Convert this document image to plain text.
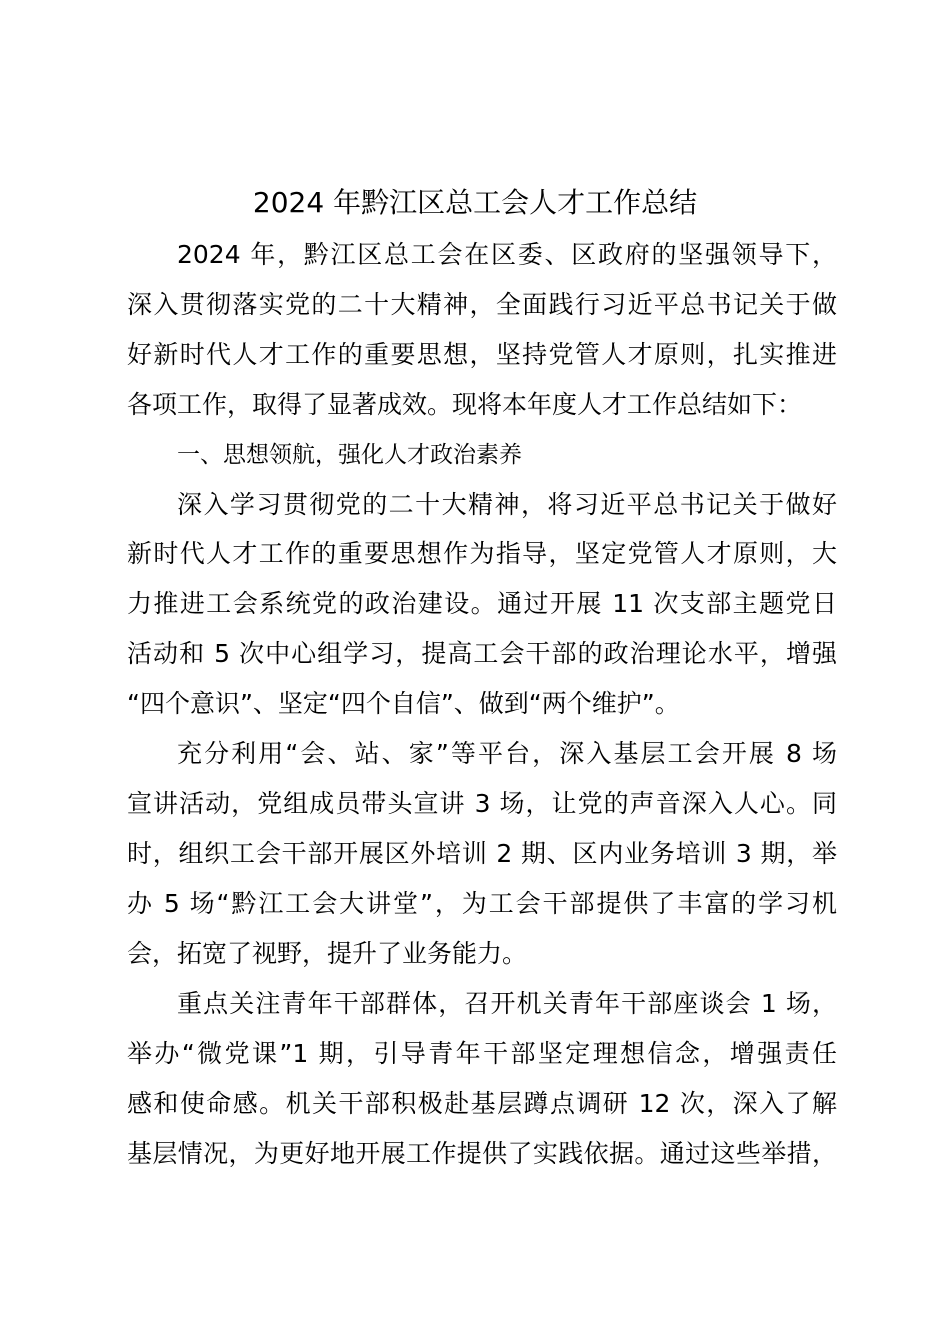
2024 年黔江区总工会人才工作总结
2024 年，黔江区总工会在区委、区政府的坚强领导下，
深入贯彻落实党的二十大精神，全面践行习近平总书记关于做
好新时代人才工作的重要思想，坚持党管人才原则，扎实推进
各项工作，取得了显著成效。现将本年度人才工作总结如下：
一、思想领航，强化人才政治素养
深入学习贯彻党的二十大精神，将习近平总书记关于做好
新时代人才工作的重要思想作为指导，坚定党管人才原则，大
力推进工会系统党的政治建设。通过开展 11 次支部主题党日
活动和 5 次中心组学习，提高工会干部的政治理论水平，增强
“四个意识”、坚定“四个自信”、做到“两个维护”。
充分利用“会、站、家”等平台，深入基层工会开展 8 场
宣讲活动，党组成员带头宣讲 3 场，让党的声音深入人心。同
时，组织工会干部开展区外培训 2 期、区内业务培训 3 期，举
办 5 场“黔江工会大讲堂”，为工会干部提供了丰富的学习机
会，拓宽了视野，提升了业务能力。
重点关注青年干部群体，召开机关青年干部座谈会 1 场，
举办“微党课”1 期，引导青年干部坚定理想信念，增强责任
感和使命感。机关干部积极赴基层蹲点调研 12 次，深入了解
基层情况，为更好地开展工作提供了实践依据。通过这些举措，
